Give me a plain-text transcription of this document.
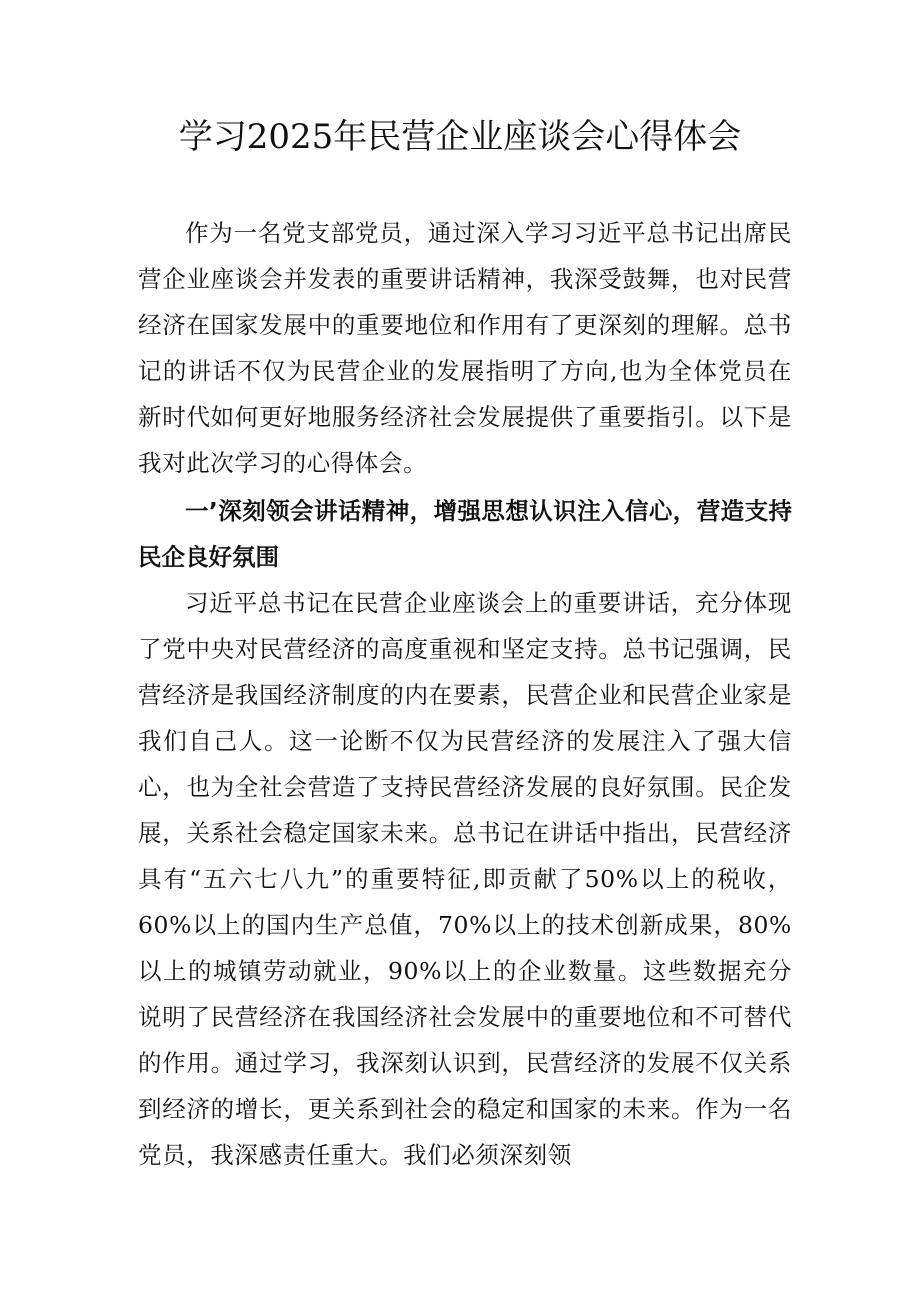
学习2025年民营企业座谈会心得体会

作为一名党支部党员，通过深入学习习近平总书记出席民营企业座谈会并发表的重要讲话精神，我深受鼓舞，也对民营经济在国家发展中的重要地位和作用有了更深刻的理解。总书记的讲话不仅为民营企业的发展指明了方向,也为全体党员在新时代如何更好地服务经济社会发展提供了重要指引。以下是我对此次学习的心得体会。

一’深刻领会讲话精神，增强思想认识注入信心，营造支持民企良好氛围

习近平总书记在民营企业座谈会上的重要讲话，充分体现了党中央对民营经济的高度重视和坚定支持。总书记强调，民营经济是我国经济制度的内在要素，民营企业和民营企业家是我们自己人。这一论断不仅为民营经济的发展注入了强大信心，也为全社会营造了支持民营经济发展的良好氛围。民企发展，关系社会稳定国家未来。总书记在讲话中指出，民营经济具有“五六七八九”的重要特征,即贡献了50%以上的税收，60%以上的国内生产总值，70%以上的技术创新成果，80%以上的城镇劳动就业，90%以上的企业数量。这些数据充分说明了民营经济在我国经济社会发展中的重要地位和不可替代的作用。通过学习，我深刻认识到，民营经济的发展不仅关系到经济的增长，更关系到社会的稳定和国家的未来。作为一名党员，我深感责任重大。我们必须深刻领
